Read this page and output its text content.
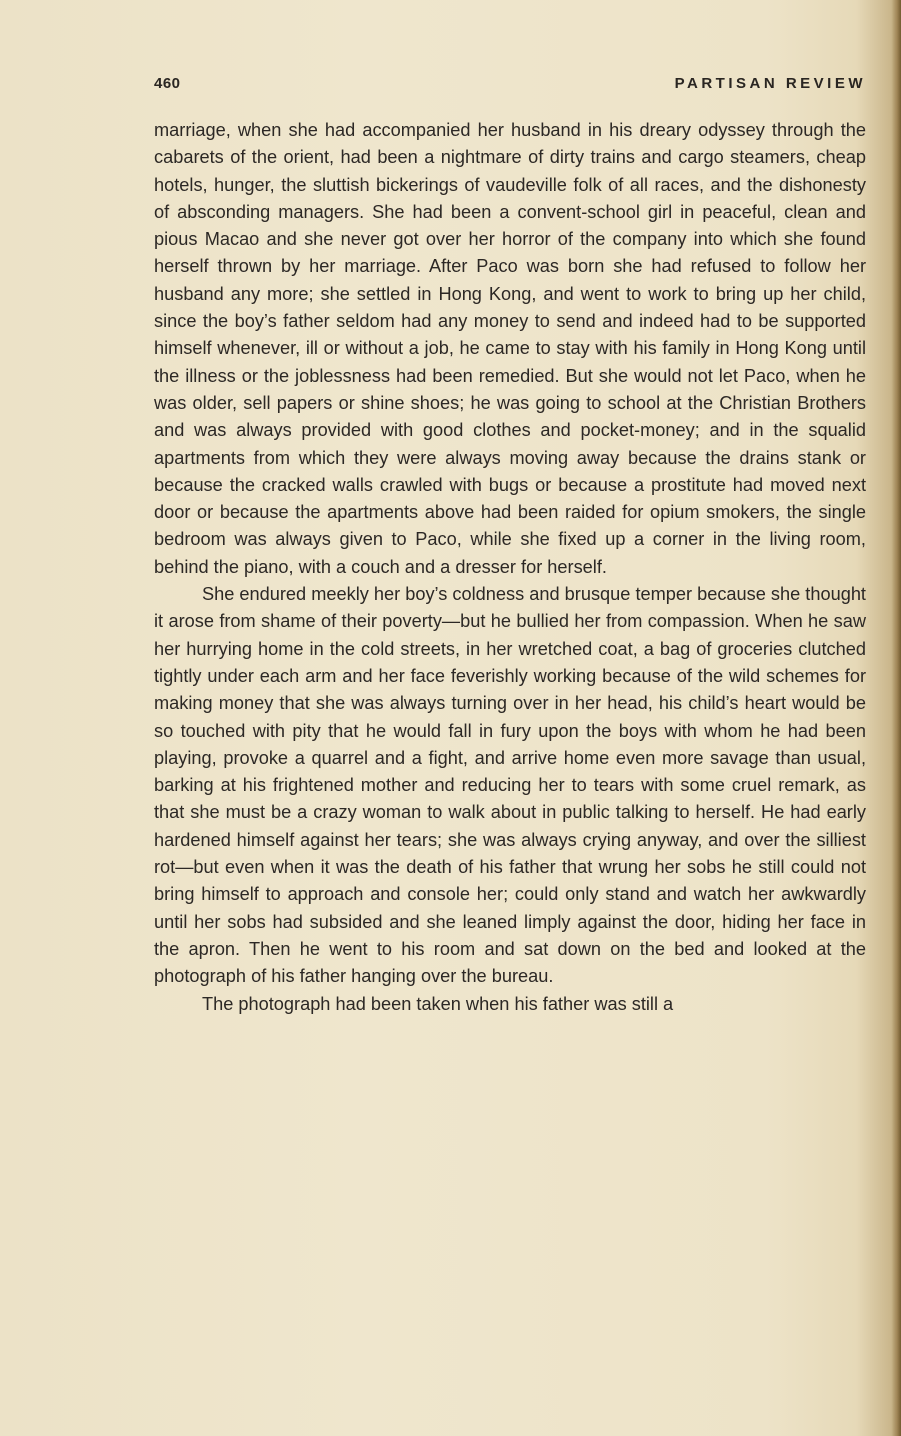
460	PARTISAN REVIEW

marriage, when she had accompanied her husband in his dreary odyssey through the cabarets of the orient, had been a nightmare of dirty trains and cargo steamers, cheap hotels, hunger, the sluttish bickerings of vaudeville folk of all races, and the dishonesty of absconding managers. She had been a convent-school girl in peaceful, clean and pious Macao and she never got over her horror of the company into which she found herself thrown by her marriage. After Paco was born she had refused to follow her husband any more; she settled in Hong Kong, and went to work to bring up her child, since the boy’s father seldom had any money to send and indeed had to be supported himself whenever, ill or without a job, he came to stay with his family in Hong Kong until the illness or the joblessness had been remedied. But she would not let Paco, when he was older, sell papers or shine shoes; he was going to school at the Christian Brothers and was always provided with good clothes and pocket-money; and in the squalid apartments from which they were always moving away because the drains stank or because the cracked walls crawled with bugs or because a prostitute had moved next door or because the apartments above had been raided for opium smokers, the single bedroom was always given to Paco, while she fixed up a corner in the living room, behind the piano, with a couch and a dresser for herself.

She endured meekly her boy’s coldness and brusque temper because she thought it arose from shame of their poverty—but he bullied her from compassion. When he saw her hurrying home in the cold streets, in her wretched coat, a bag of groceries clutched tightly under each arm and her face feverishly working because of the wild schemes for making money that she was always turning over in her head, his child’s heart would be so touched with pity that he would fall in fury upon the boys with whom he had been playing, provoke a quarrel and a fight, and arrive home even more savage than usual, barking at his frightened mother and reducing her to tears with some cruel remark, as that she must be a crazy woman to walk about in public talking to herself. He had early hardened himself against her tears; she was always crying anyway, and over the silliest rot—but even when it was the death of his father that wrung her sobs he still could not bring himself to approach and console her; could only stand and watch her awkwardly until her sobs had subsided and she leaned limply against the door, hiding her face in the apron. Then he went to his room and sat down on the bed and looked at the photograph of his father hanging over the bureau.

The photograph had been taken when his father was still a
